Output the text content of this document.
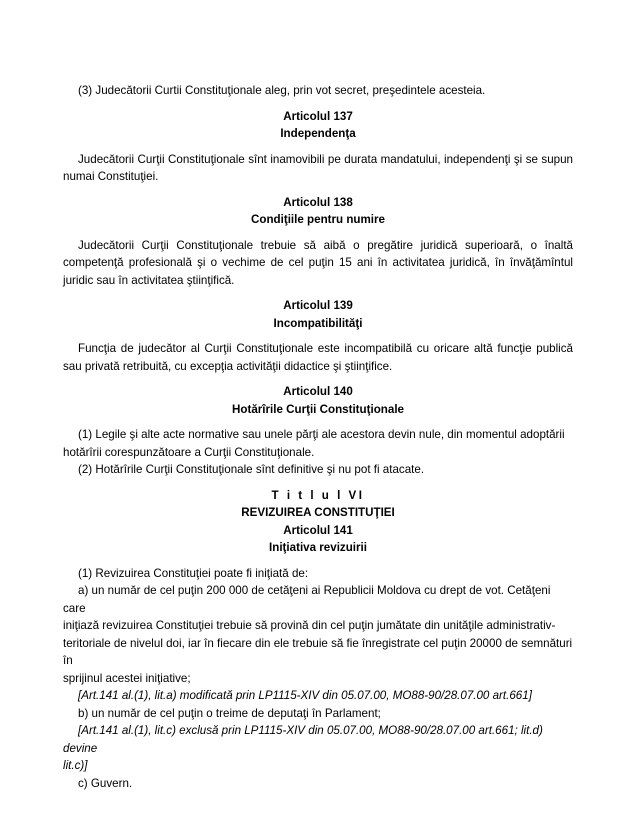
(3) Judecătorii Curtii Constituţionale aleg, prin vot secret, preşedintele acesteia.

Articolul 137

Independenţa

Judecătorii Curţii Constituţionale sînt inamovibili pe durata mandatului, independenţi şi se supun numai Constituţiei.

Articolul 138

Condiţiile pentru numire

Judecătorii Curţii Constituţionale trebuie să aibă o pregătire juridică superioară, o înaltă competenţă profesională şi o vechime de cel puţin 15 ani în activitatea juridică, în învăţămîntul juridic sau în activitatea ştiinţifică.

Articolul 139

Incompatibilităţi

Funcţia de judecător al Curţii Constituţionale este incompatibilă cu oricare altă funcţie publică sau privată retribuită, cu excepţia activităţii didactice şi ştiinţifice.

Articolul 140

Hotărîrile Curţii Constituţionale

(1) Legile şi alte acte normative sau unele părţi ale acestora devin nule, din momentul adoptării

hotărîrii corespunzătoare a Curţii Constituţionale.

(2) Hotărîrile Curţii Constituţionale sînt definitive şi nu pot fi atacate.

T i t l u l VI

REVIZUIREA CONSTITUŢIEI

Articolul 141

Iniţiativa revizuirii

(1) Revizuirea Constituţiei poate fi iniţiată de:

a) un număr de cel puţin 200 000 de cetăţeni ai Republicii Moldova cu drept de vot. Cetăţeni care

iniţiază revizuirea Constituţiei trebuie să provină din cel puţin jumătate din unităţile administrativ-

teritoriale de nivelul doi, iar în fiecare din ele trebuie să fie înregistrate cel puţin 20000 de semnături în

sprijinul acestei iniţiative;

[Art.141 al.(1), lit.a) modificată prin LP1115-XIV din 05.07.00, MO88-90/28.07.00 art.661]

b) un număr de cel puţin o treime de deputaţi în Parlament;

[Art.141 al.(1), lit.c) exclusă prin LP1115-XIV din 05.07.00, MO88-90/28.07.00 art.661; lit.d) devine

lit.c)]

c) Guvern.
